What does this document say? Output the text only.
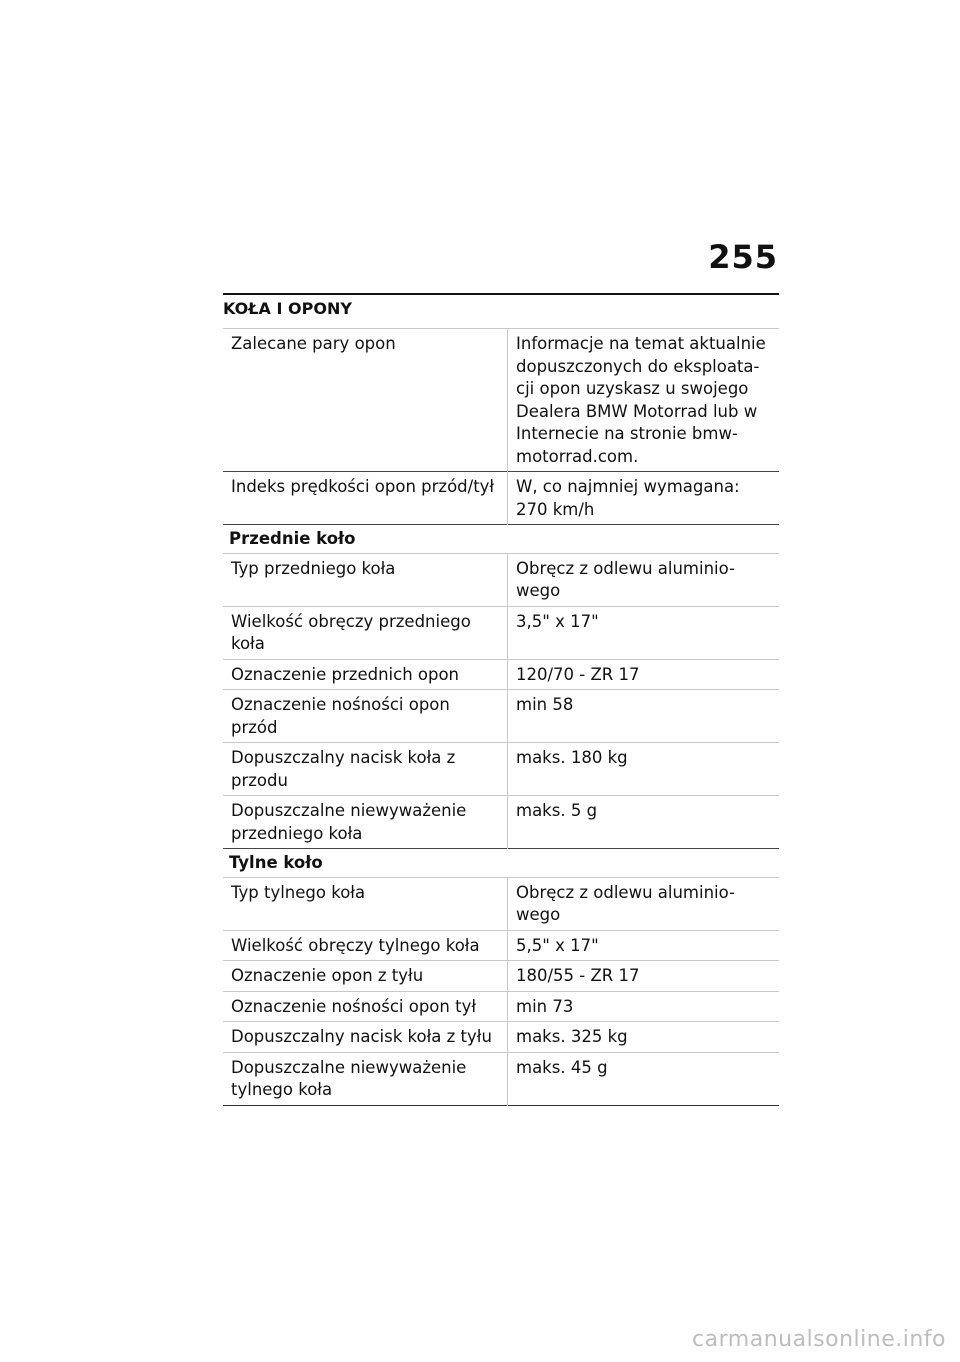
255
KOŁA I OPONY
Zalecane pary opon	Informacje na temat aktualnie dopuszczonych do eksploata-cji opon uzyskasz u swojego Dealera BMW Motorrad lub w Internecie na stronie bmw-motorrad.com.
Indeks prędkości opon przód/tył	W, co najmniej wymagana: 270 km/h
Przednie koło	
Typ przedniego koła	Obręcz z odlewu aluminio-wego
Wielkość obręczy przedniego koła	3,5" x 17"
Oznaczenie przednich opon	120/70 - ZR 17
Oznaczenie nośności opon przód	min 58
Dopuszczalny nacisk koła z przodu	maks. 180 kg
Dopuszczalne niewyważenie przedniego koła	maks. 5 g
Tylne koło	
Typ tylnego koła	Obręcz z odlewu aluminio-wego
Wielkość obręczy tylnego koła	5,5" x 17"
Oznaczenie opon z tyłu	180/55 - ZR 17
Oznaczenie nośności opon tył	min 73
Dopuszczalny nacisk koła z tyłu	maks. 325 kg
Dopuszczalne niewyważenie tylnego koła	maks. 45 g
carmanualsonline.info
